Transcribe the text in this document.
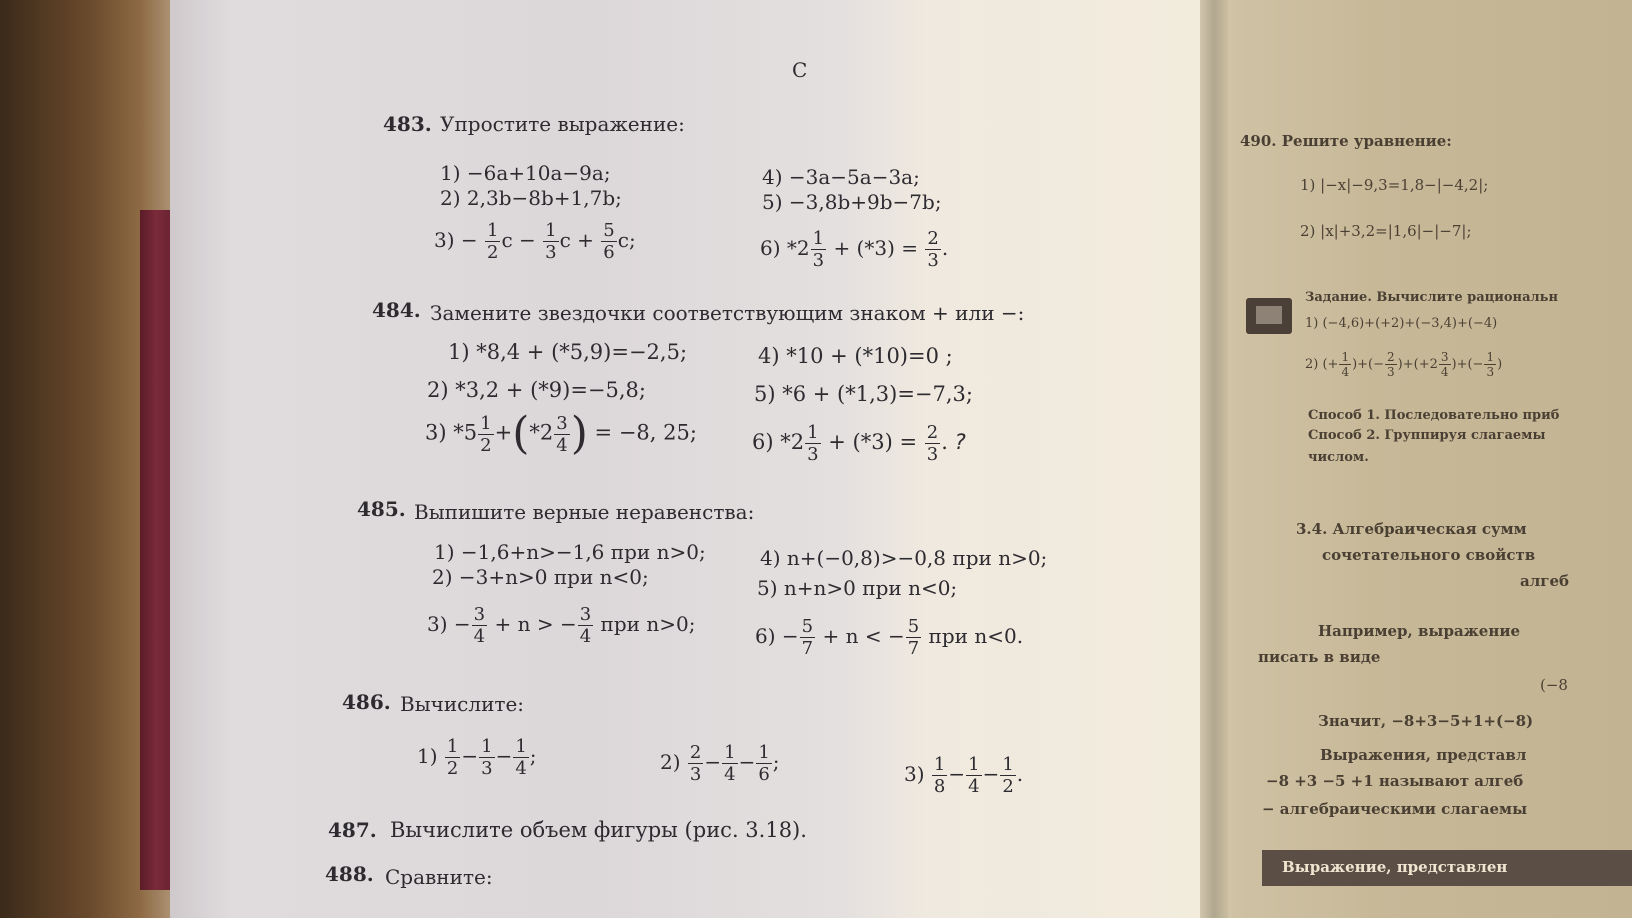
С
483. Упростите выражение:
1) −6a+10a−9a;
2) 2,3b−8b+1,7b;
4) −3a−5a−3a;
5) −3,8b+9b−7b;
$3) - \frac{1}{2}$ $c - \frac{1}{3}$ $c + \frac{5}{6} c$;	6) $*2 \frac{1}{3} + (*3) = \frac{2}{3}$ .
484. Замените звездочки соответствующим знаком + или −:
1) *8,4 + (*5,9)=−2,5;
2) *3,2 + (*9)=−5,8;
4) *10 + (*10)=0 ;
5) *6 + (*1,3)=−7,3;
3) $*5 \frac{1}{2} +(*2 \frac{3}{4}$ ) = −8, 25;	6) $*2 \frac{1}{3} + (*3) = \frac{2}{3}$ . ?
485. Выпишите верные неравенства:
1) −1,6+n>−1,6 при n>0;
2) −3+n>0 при n<0;
4) n+(−0,8)>−0,8 при n>0;
5) n+n>0 при n<0;
$3) - \frac{3}{4} + n$ > − $\frac{3}{4}$ при n>0;	$6) - \frac{5}{7} + n$ < − $\frac{5}{7}$ при n<0.
486. Вычислите:
$1) \frac{1}{2} - \frac{1}{3} - \frac{1}{4}$ ;	$2) \frac{2}{3} - \frac{1}{4} - \frac{1}{6}$ ;	$3) \frac{1}{8} - \frac{1}{4} - \frac{1}{2}$ .
487. Вычислите объем фигуры (рис. 3.18).
488. Сравните:
490. Решите уравнение:
1) |−x|−9,3=1,8−|−4,2|;
2) |x|+3,2=|1,6|−|−7|;
Задание. Вычислите рациональн
1) (−4,6)+(+2)+(−3,4)+(−4)
2) (+ $\frac{1}{4}$ )+(− $\frac{2}{3} )+(+2 \frac{3}{4}$ )+(− $\frac{1}{3}$ )
Способ 1. Последовательно приб
Способ 2. Группируя слагаемы
числом.
3.4. Алгебраическая сумм
сочетательного свойств
алгеб
Например, выражение
писать в виде
(−8
Значит, −8+3−5+1+(−8)
Выражения, представл
−8 +3 −5 +1 называют алгеб
− алгебраическими слагаемы
Выражение, представлен
